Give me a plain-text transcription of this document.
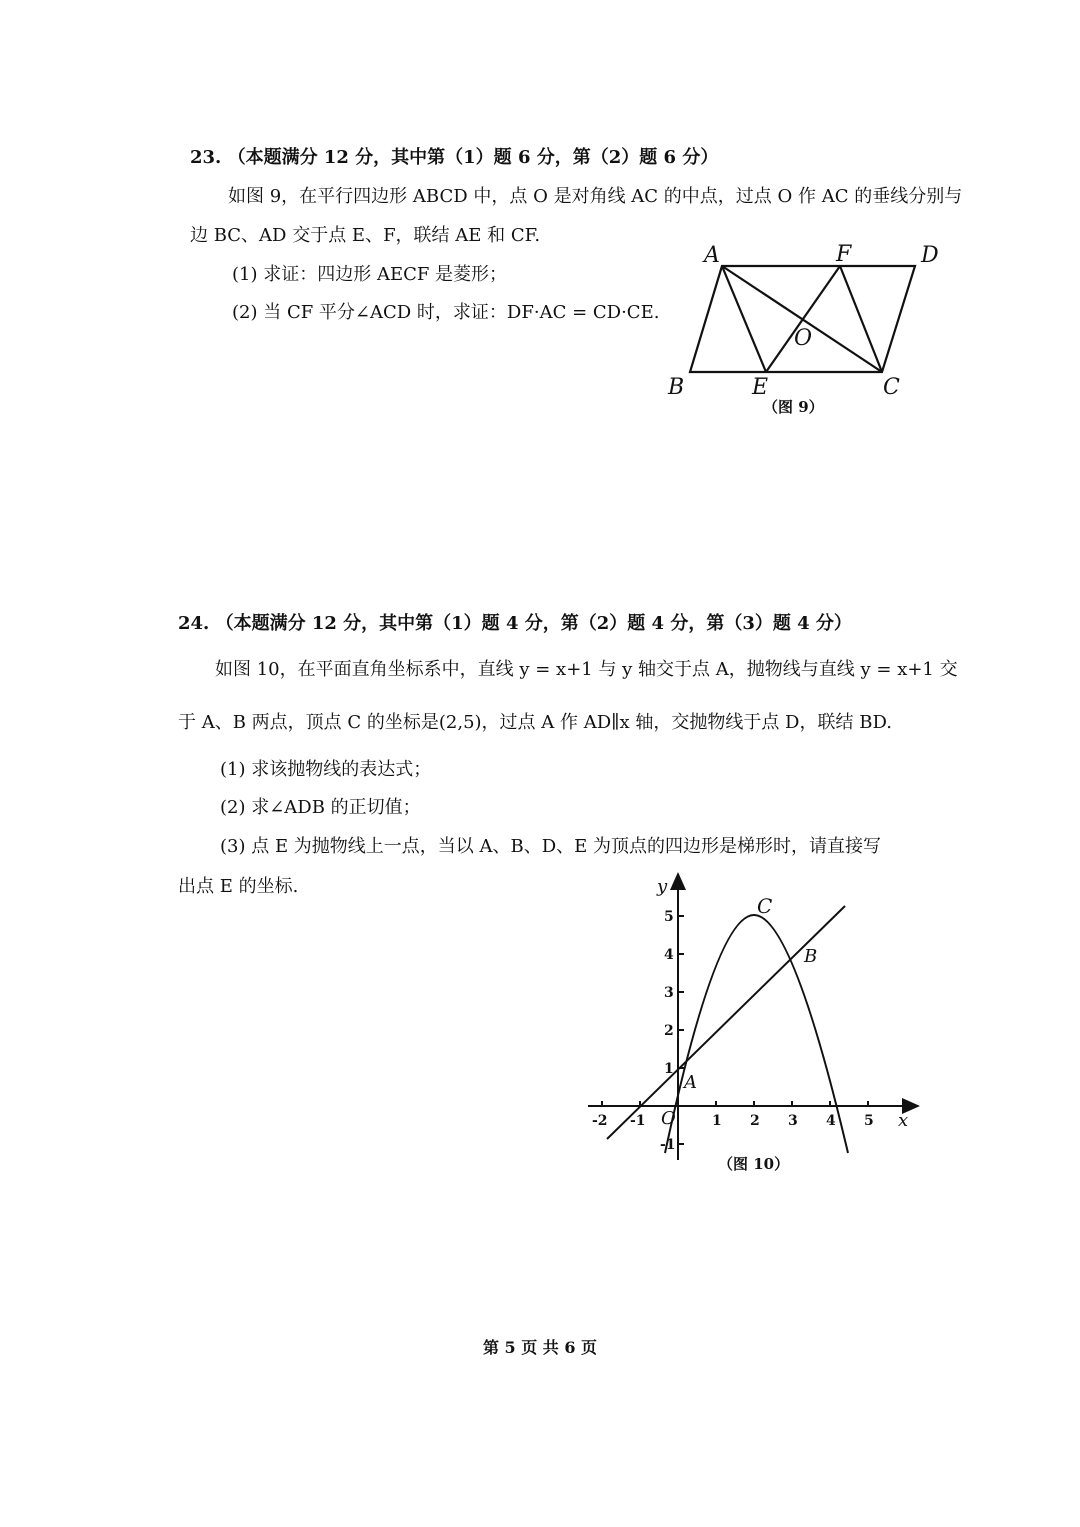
23. （本题满分 12 分，其中第（1）题 6 分，第（2）题 6 分）
如图 9，在平行四边形 ABCD 中，点 O 是对角线 AC 的中点，过点 O 作 AC 的垂线分别与
边 BC、AD 交于点 E、F，联结 AE 和 CF.
(1) 求证：四边形 AECF 是菱形；
(2) 当 CF 平分∠ACD 时，求证：DF·AC = CD·CE.
A	F	D
O
B	E	C
（图 9）
24. （本题满分 12 分，其中第（1）题 4 分，第（2）题 4 分，第（3）题 4 分）
如图 10，在平面直角坐标系中，直线 y = x+1 与 y 轴交于点 A，抛物线与直线 y = x+1 交
于 A、B 两点，顶点 C 的坐标是(2,5)，过点 A 作 AD∥x 轴，交抛物线于点 D，联结 BD.
(1) 求该抛物线的表达式；
(2) 求∠ADB 的正切值；
(3) 点 E 为抛物线上一点，当以 A、B、D、E 为顶点的四边形是梯形时，请直接写
出点 E 的坐标.
-2 -1	1 2 3 4 5
-1
1
2
3
4
5
x
y
O
A
B
C
（图 10）
第 5 页 共 6 页
